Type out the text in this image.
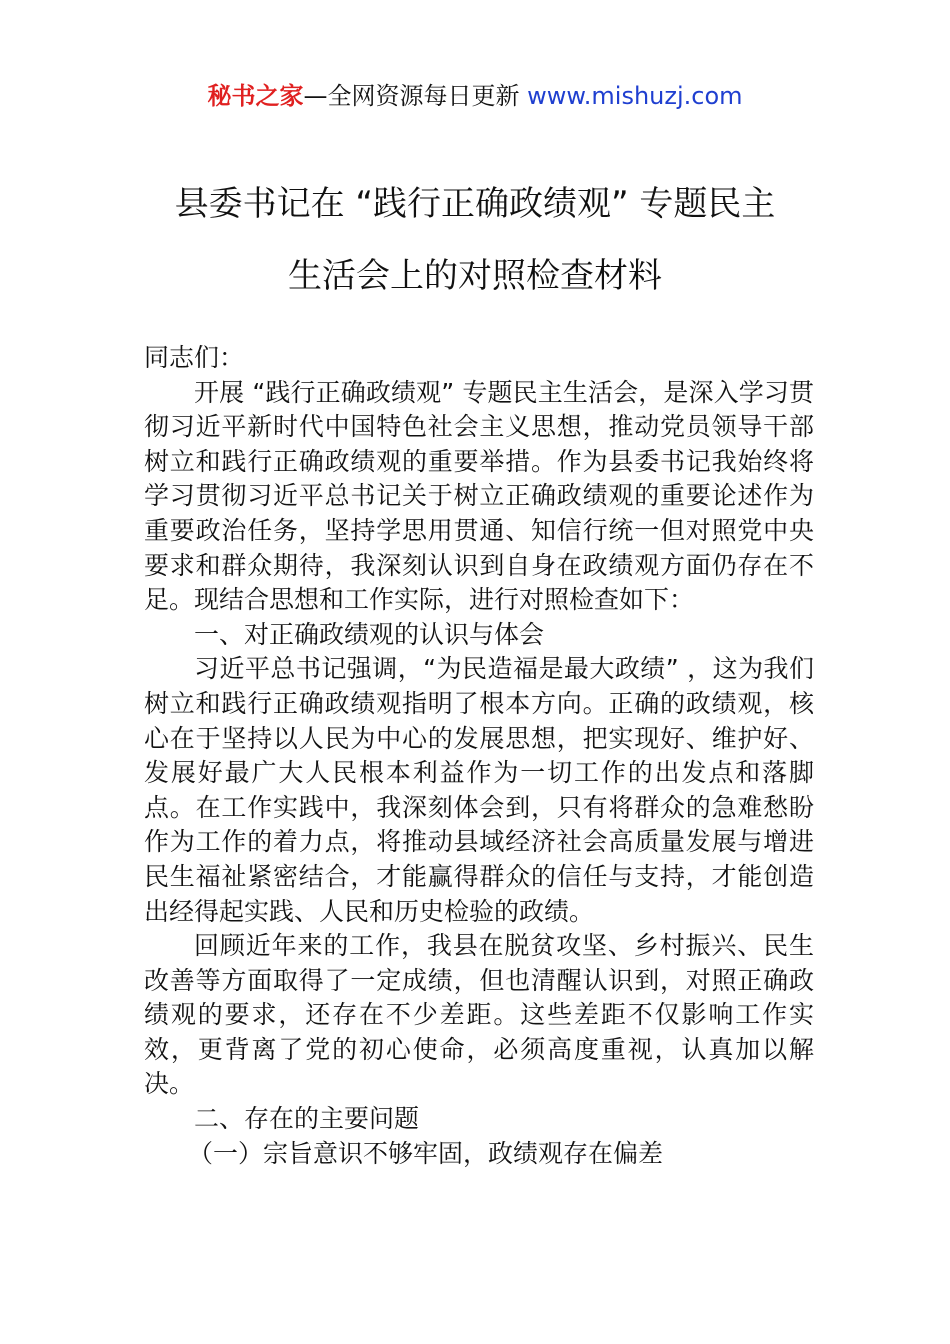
秘书之家—全网资源每日更新 www.mishuzj.com
县委书记在 “践行正确政绩观” 专题民主
生活会上的对照检查材料

同志们：

开展 “践行正确政绩观” 专题民主生活会，是深入学习贯彻习近平新时代中国特色社会主义思想，推动党员领导干部树立和践行正确政绩观的重要举措。作为县委书记我始终将学习贯彻习近平总书记关于树立正确政绩观的重要论述作为重要政治任务，坚持学思用贯通、知信行统一但对照党中央要求和群众期待，我深刻认识到自身在政绩观方面仍存在不足。现结合思想和工作实际，进行对照检查如下：

一、对正确政绩观的认识与体会

习近平总书记强调，“为民造福是最大政绩” ，这为我们树立和践行正确政绩观指明了根本方向。正确的政绩观，核心在于坚持以人民为中心的发展思想，把实现好、维护好、发展好最广大人民根本利益作为一切工作的出发点和落脚点。在工作实践中，我深刻体会到，只有将群众的急难愁盼作为工作的着力点，将推动县域经济社会高质量发展与增进民生福祉紧密结合，才能赢得群众的信任与支持，才能创造出经得起实践、人民和历史检验的政绩。

回顾近年来的工作，我县在脱贫攻坚、乡村振兴、民生改善等方面取得了一定成绩，但也清醒认识到，对照正确政绩观的要求，还存在不少差距。这些差距不仅影响工作实效，更背离了党的初心使命，必须高度重视，认真加以解决。

二、存在的主要问题

（一）宗旨意识不够牢固，政绩观存在偏差
